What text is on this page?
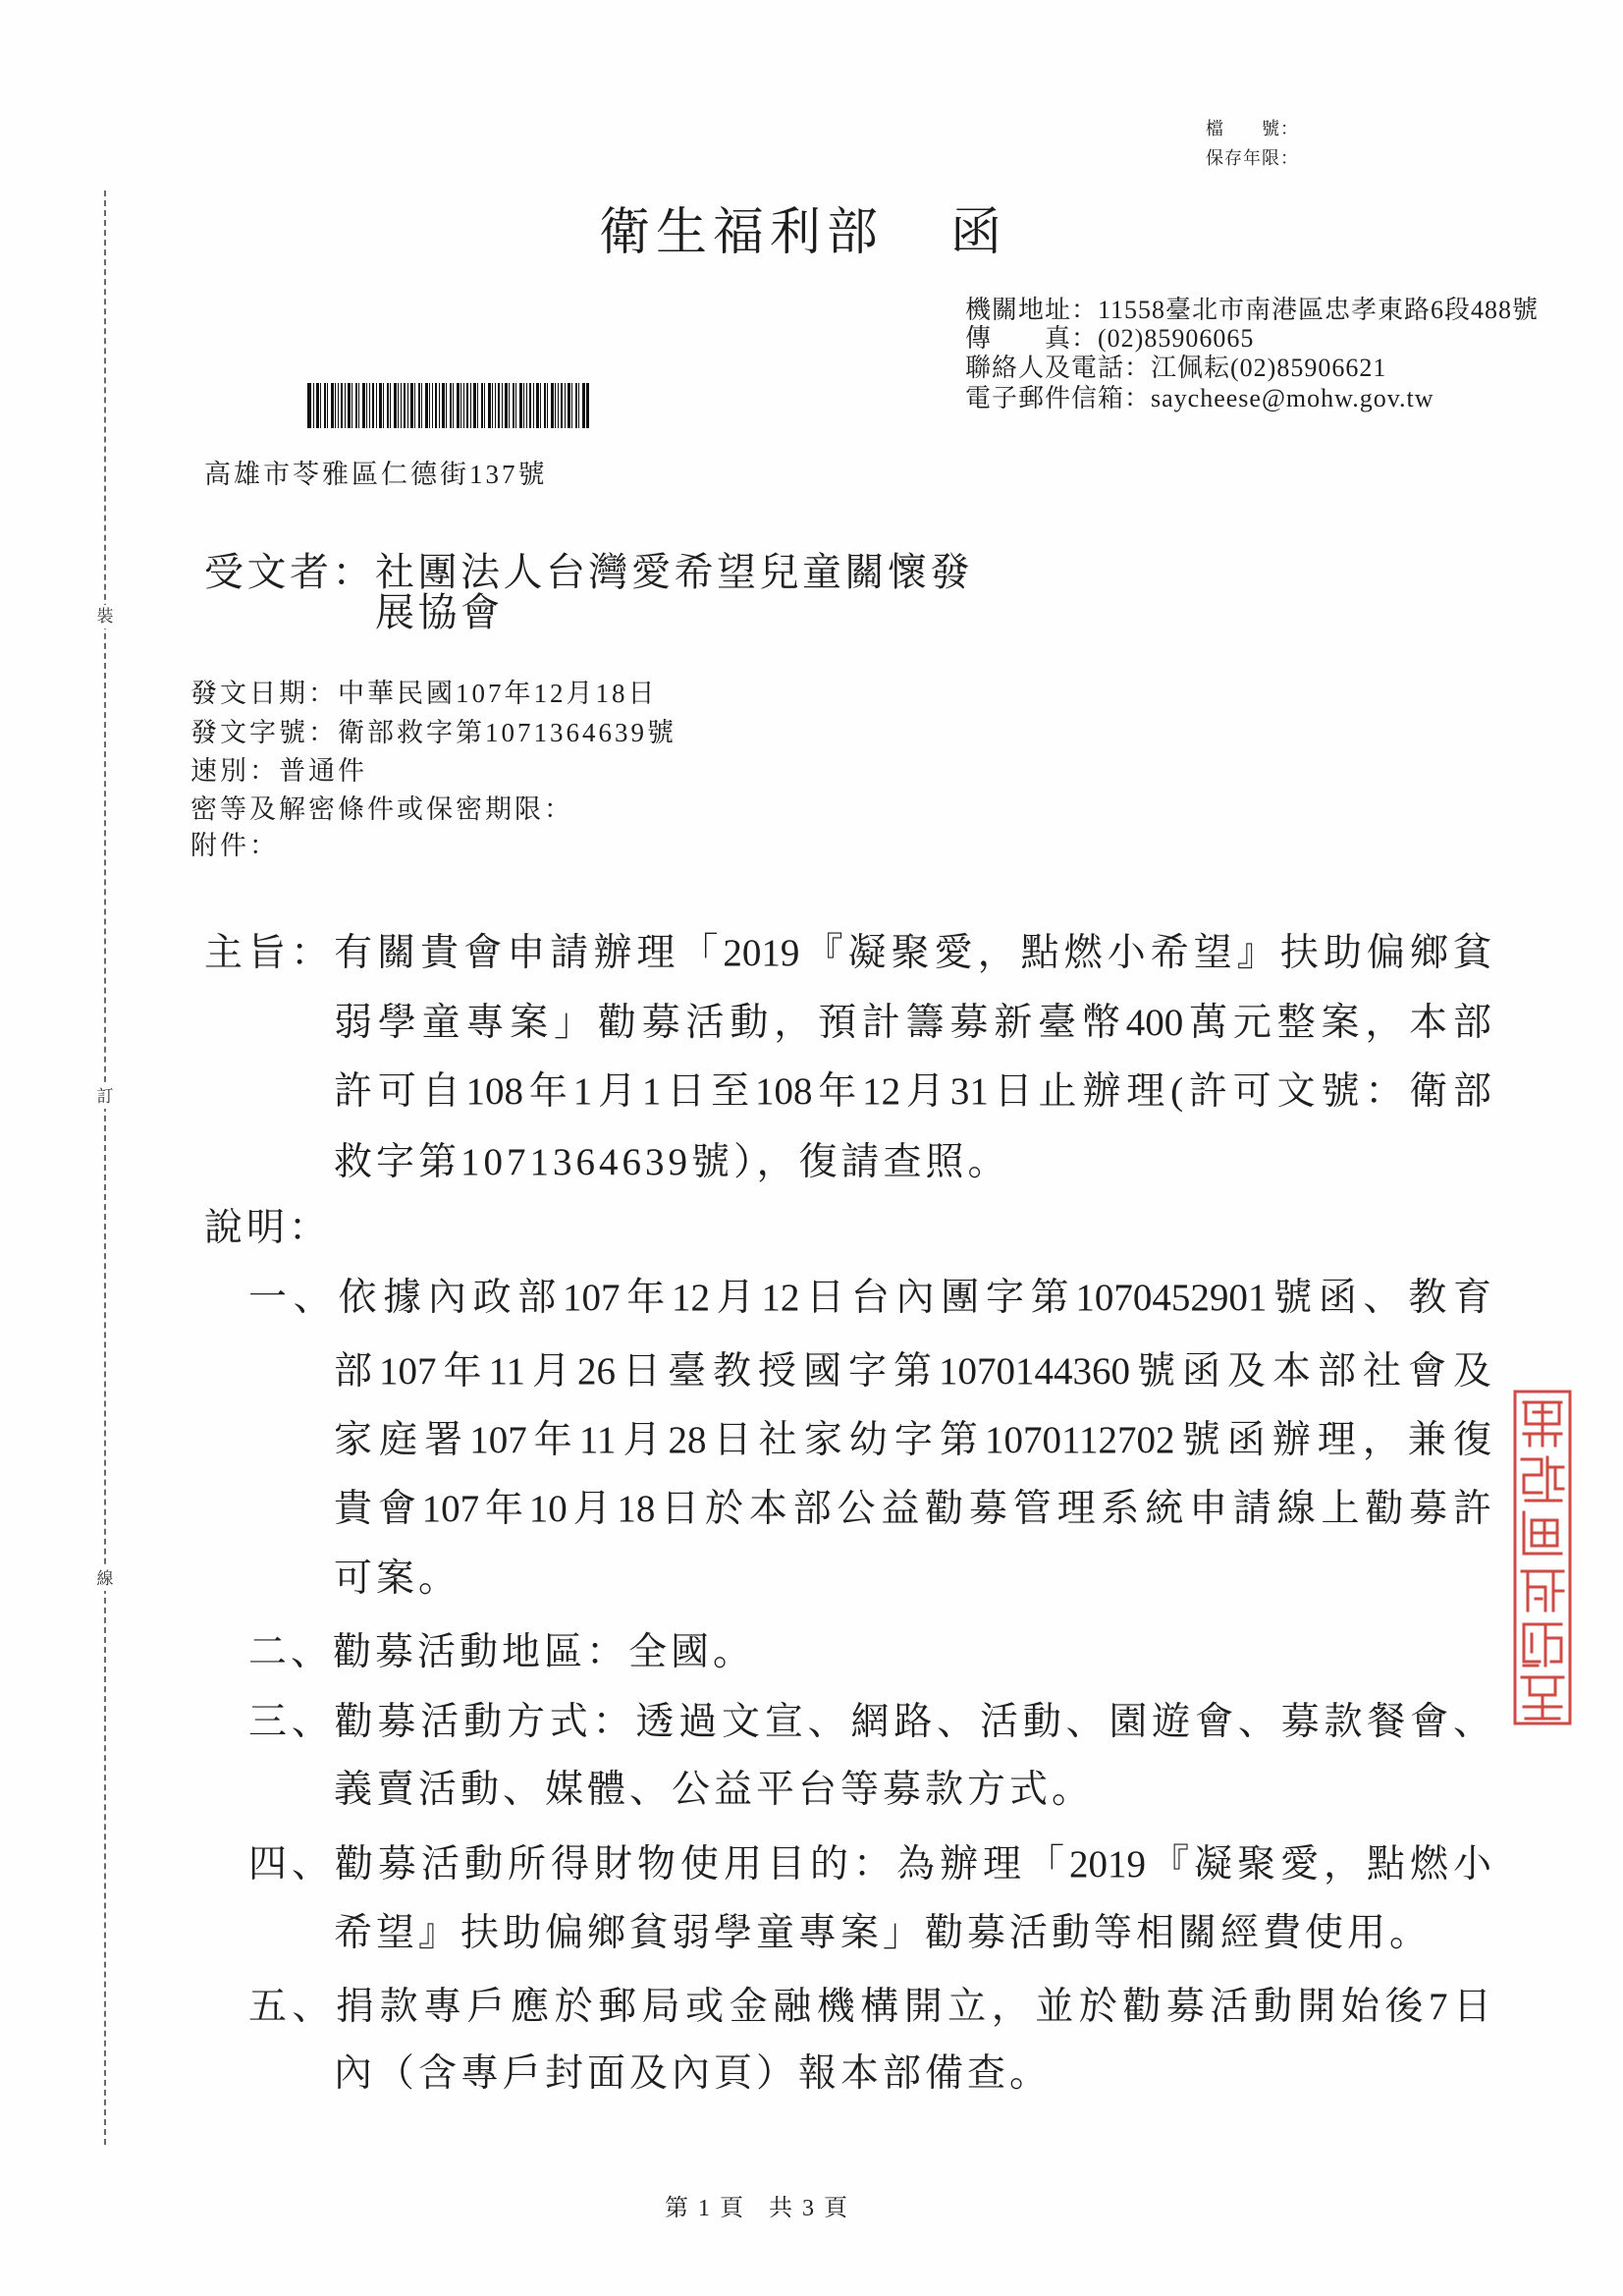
裝
訂
線
檔　　號：
保存年限：
衛生福利部 函
機關地址：11558臺北市南港區忠孝東路6段488號
傳　　真：(02)85906065
聯絡人及電話：江佩耘(02)85906621
電子郵件信箱：saycheese@mohw.gov.tw
高雄市苓雅區仁德街137號
受文者：社團法人台灣愛希望兒童關懷發
展協會
發文日期：中華民國107年12月18日
發文字號：衛部救字第1071364639號
速別：普通件
密等及解密條件或保密期限：
附件：
主旨：有關貴會申請辦理「2019『凝聚愛，點燃小希望』扶助偏鄉貧
弱學童專案」勸募活動，預計籌募新臺幣400萬元整案，本部
許可自108年1月1日至108年12月31日止辦理(許可文號：衛部
救字第1071364639號），復請查照。
說明：
一、依據內政部107年12月12日台內團字第1070452901號函、教育
部107年11月26日臺教授國字第1070144360號函及本部社會及
家庭署107年11月28日社家幼字第1070112702號函辦理，兼復
貴會107年10月18日於本部公益勸募管理系統申請線上勸募許
可案。
二、勸募活動地區：全國。
三、勸募活動方式：透過文宣、網路、活動、園遊會、募款餐會、
義賣活動、媒體、公益平台等募款方式。
四、勸募活動所得財物使用目的：為辦理「2019『凝聚愛，點燃小
希望』扶助偏鄉貧弱學童專案」勸募活動等相關經費使用。
五、捐款專戶應於郵局或金融機構開立，並於勸募活動開始後7日
內（含專戶封面及內頁）報本部備查。
第 1 頁   共 3 頁
